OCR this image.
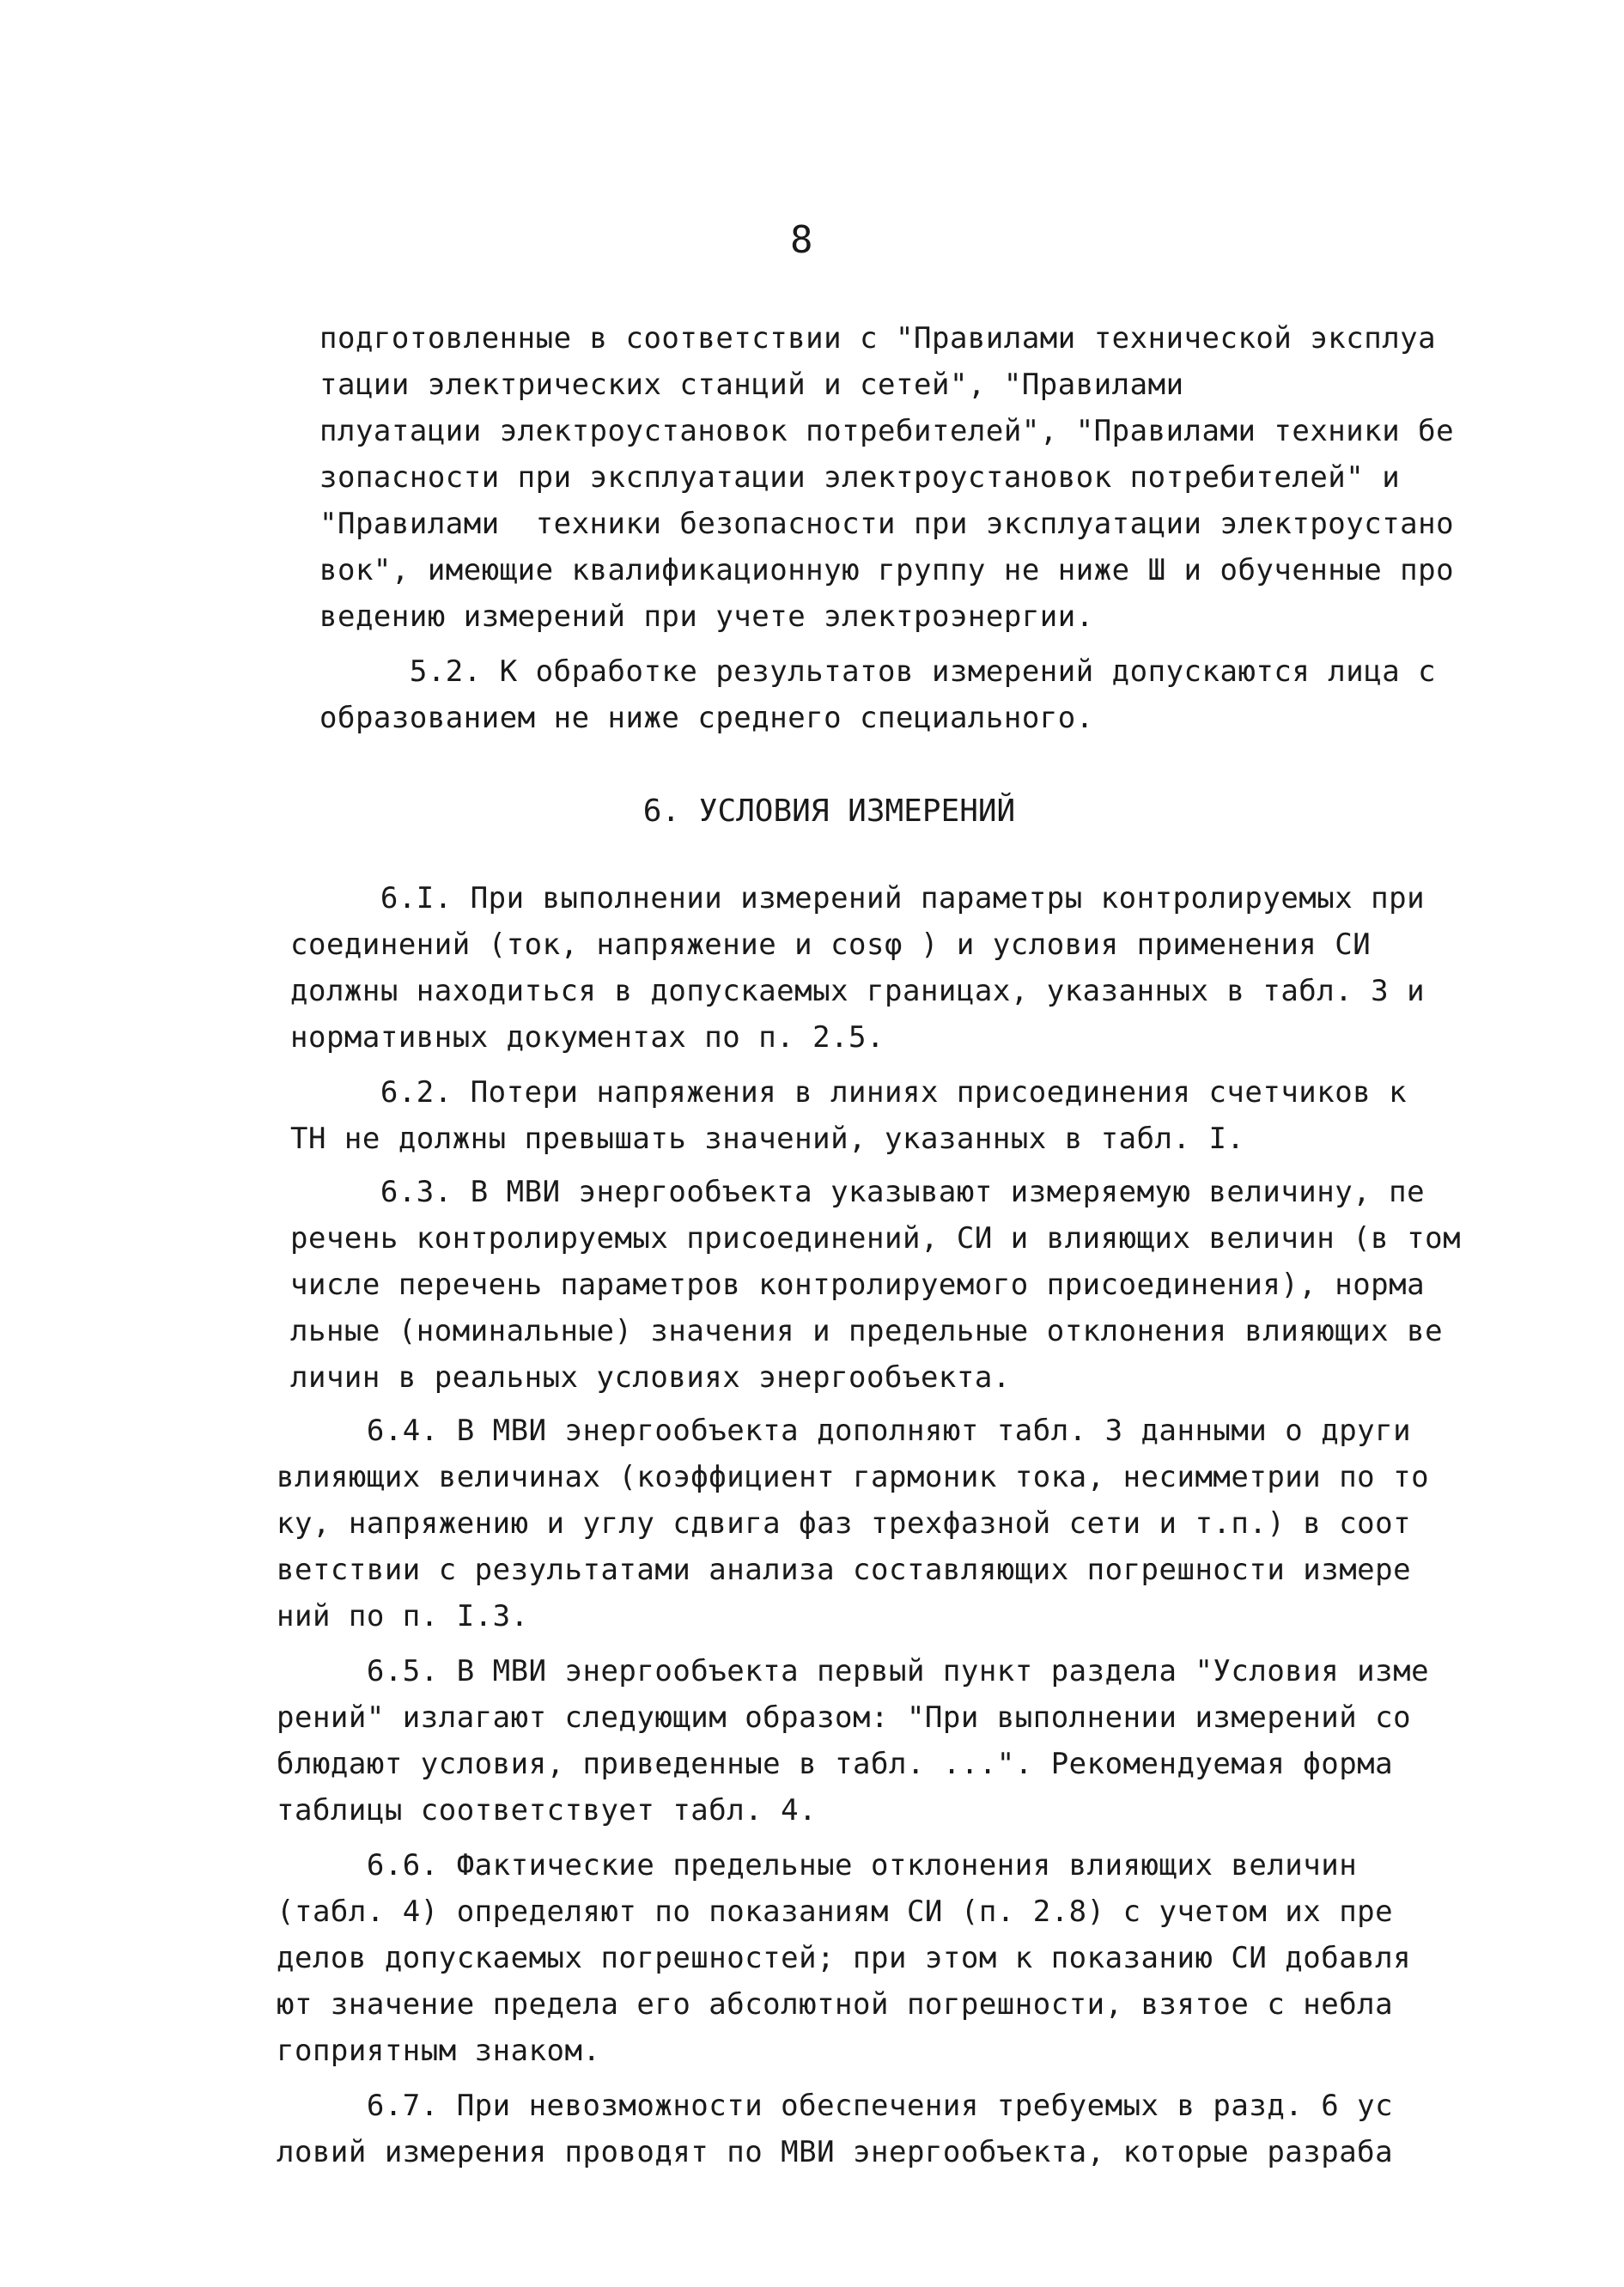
8
подготовленные в соответствии с "Правилами технической эксплуа
тации электрических станций и сетей", "Правилами
плуатации электроустановок потребителей", "Правилами техники бе
зопасности при эксплуатации электроустановок потребителей" и
"Правилами  техники безопасности при эксплуатации электроустанo
вок", имеющие квалификационную группу не ниже Ш и обученные про
ведению измерений при учете электроэнергии.
5.2. К обработке результатов измерений допускаются лица с
образованием не ниже среднего специального.
6. УСЛОВИЯ ИЗМЕРЕНИЙ
6.I. При выполнении измерений параметры контролируемых при
соединений (ток, напряжение и cosφ ) и условия применения СИ
должны находиться в допускаемых границах, указанных в табл. 3 и
нормативных документах по п. 2.5.
6.2. Потери напряжения в линиях присоединения счетчиков к
ТН не должны превышать значений, указанных в табл. I.
6.3. В МВИ энергообъекта указывают измеряемую величину, пе
речень контролируемых присоединений, СИ и влияющих величин (в том
числе перечень параметров контролируемого присоединения), норма
льные (номинальные) значения и предельные отклонения влияющих ве
личин в реальных условиях энергообъекта.
6.4. В МВИ энергообъекта дополняют табл. 3 данными о други
влияющих величинах (коэффициент гармоник тока, несимметрии по то
ку, напряжению и углу сдвига фаз трехфазной сети и т.п.) в соот
ветствии с результатами анализа составляющих погрешности измере
ний по п. I.3.
6.5. В МВИ энергообъекта первый пункт раздела "Условия изме
рений" излагают следующим образом: "При выполнении измерений со
блюдают условия, приведенные в табл. ...". Рекомендуемая форма
таблицы соответствует табл. 4.
6.6. Фактические предельные отклонения влияющих величин
(табл. 4) определяют по показаниям СИ (п. 2.8) с учетом их пре
делов допускаемых погрешностей; при этом к показанию СИ добавля
ют значение предела его абсолютной погрешности, взятое с небла
гоприятным знаком.
6.7. При невозможности обеспечения требуемых в разд. 6 ус
ловий измерения проводят по МВИ энергообъекта, которые разраба
